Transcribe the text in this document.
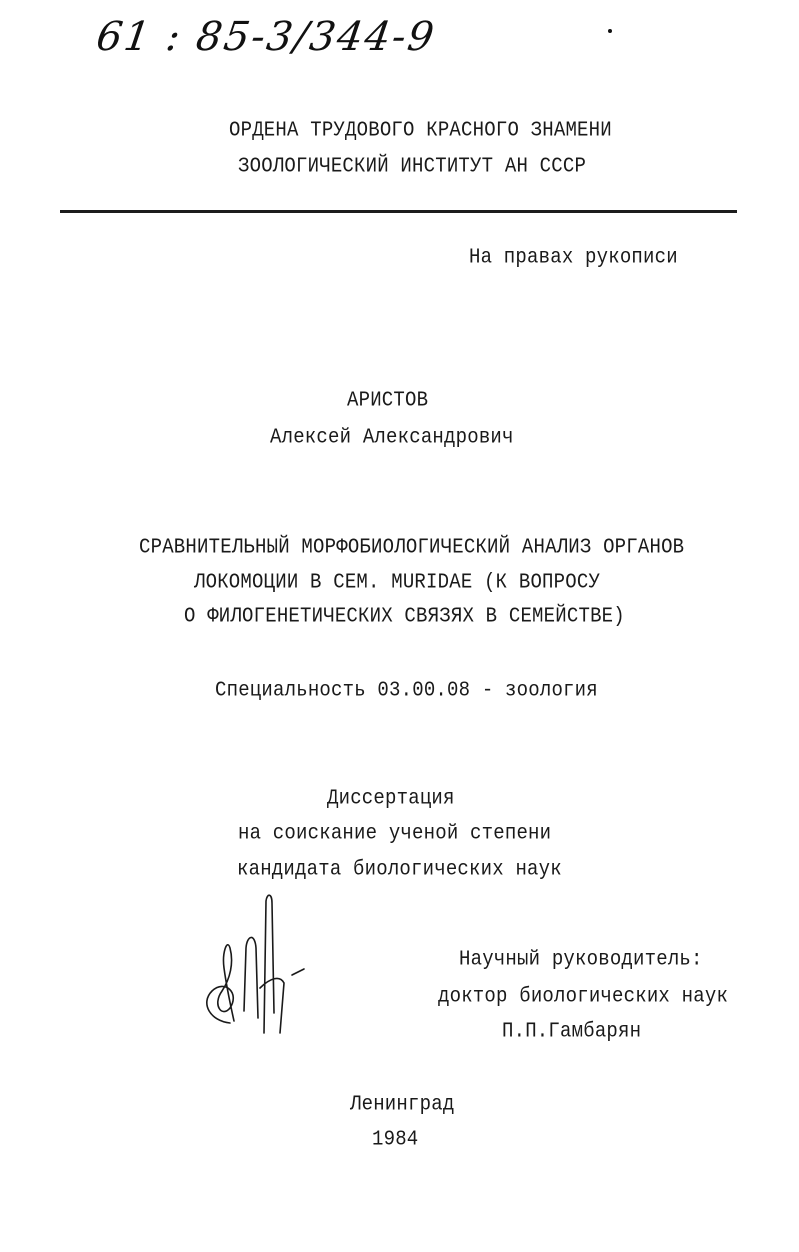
61 : 85-3/344-9
ОРДЕНА ТРУДОВОГО КРАСНОГО ЗНАМЕНИ
ЗООЛОГИЧЕСКИЙ ИНСТИТУТ АН СССР
На правах рукописи
АРИСТОВ
Алексей Александрович
СРАВНИТЕЛЬНЫЙ МОРФОБИОЛОГИЧЕСКИЙ АНАЛИЗ ОРГАНОВ
ЛОКОМОЦИИ В СЕМ. MURIDAE (К ВОПРОСУ
О ФИЛОГЕНЕТИЧЕСКИХ СВЯЗЯХ В СЕМЕЙСТВЕ)
Специальность 03.00.08 - зоология
Диссертация
на соискание ученой степени
кандидата биологических наук
Научный руководитель:
доктор биологических наук
П.П.Гамбарян
Ленинград
1984
